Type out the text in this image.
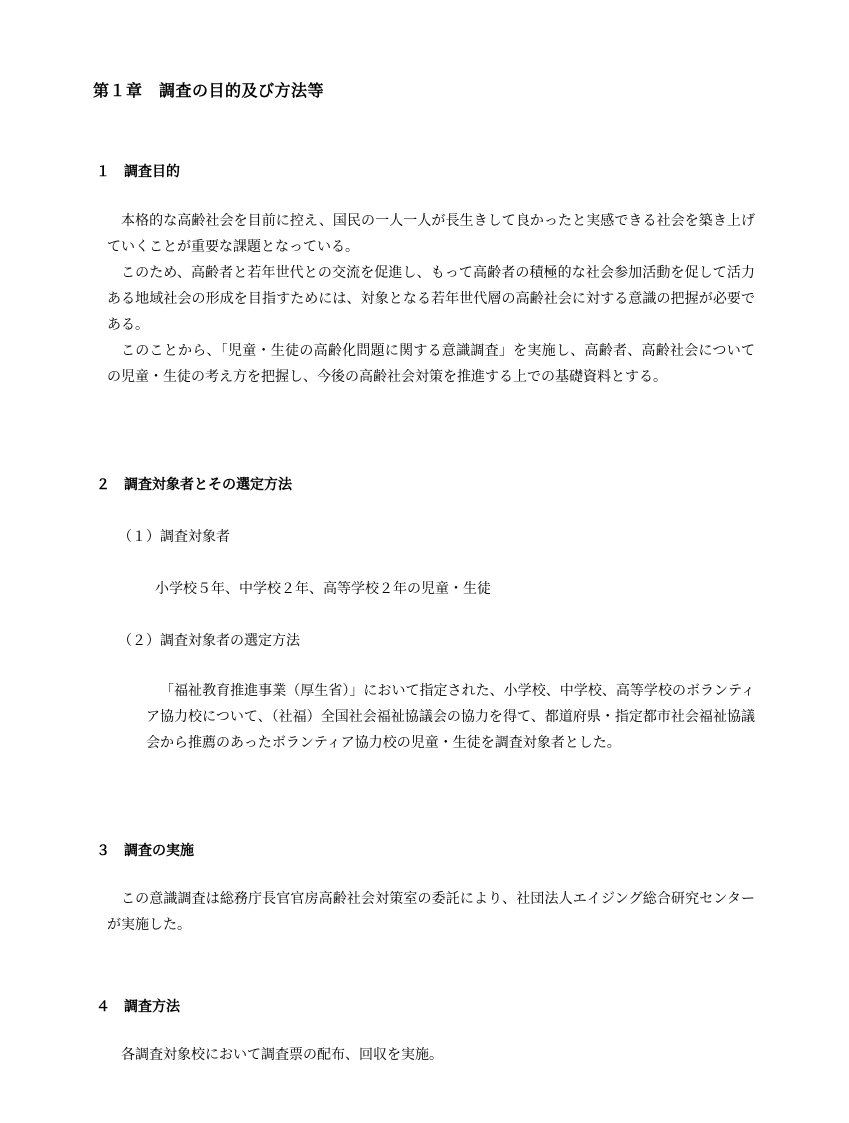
第１章　調査の目的及び方法等
１ 調査目的

本格的な高齢社会を目前に控え、国民の一人一人が長生きして良かったと実感できる社会を築き上げていくことが重要な課題となっている。

このため、高齢者と若年世代との交流を促進し、もって高齢者の積極的な社会参加活動を促して活力ある地域社会の形成を目指すためには、対象となる若年世代層の高齢社会に対する意識の把握が必要である。

このことから、「児童・生徒の高齢化問題に関する意識調査」を実施し、高齢者、高齢社会についての児童・生徒の考え方を把握し、今後の高齢社会対策を推進する上での基礎資料とする。

２ 調査対象者とその選定方法
（１）調査対象者
小学校５年、中学校２年、高等学校２年の児童・生徒
（２）調査対象者の選定方法

「福祉教育推進事業（厚生省）」において指定された、小学校、中学校、高等学校のボランティア協力校について、（社福）全国社会福祉協議会の協力を得て、都道府県・指定都市社会福祉協議会から推薦のあったボランティア協力校の児童・生徒を調査対象者とした。

３ 調査の実施

この意識調査は総務庁長官官房高齢社会対策室の委託により、社団法人エイジング総合研究センターが実施した。

４ 調査方法

各調査対象校において調査票の配布、回収を実施。
